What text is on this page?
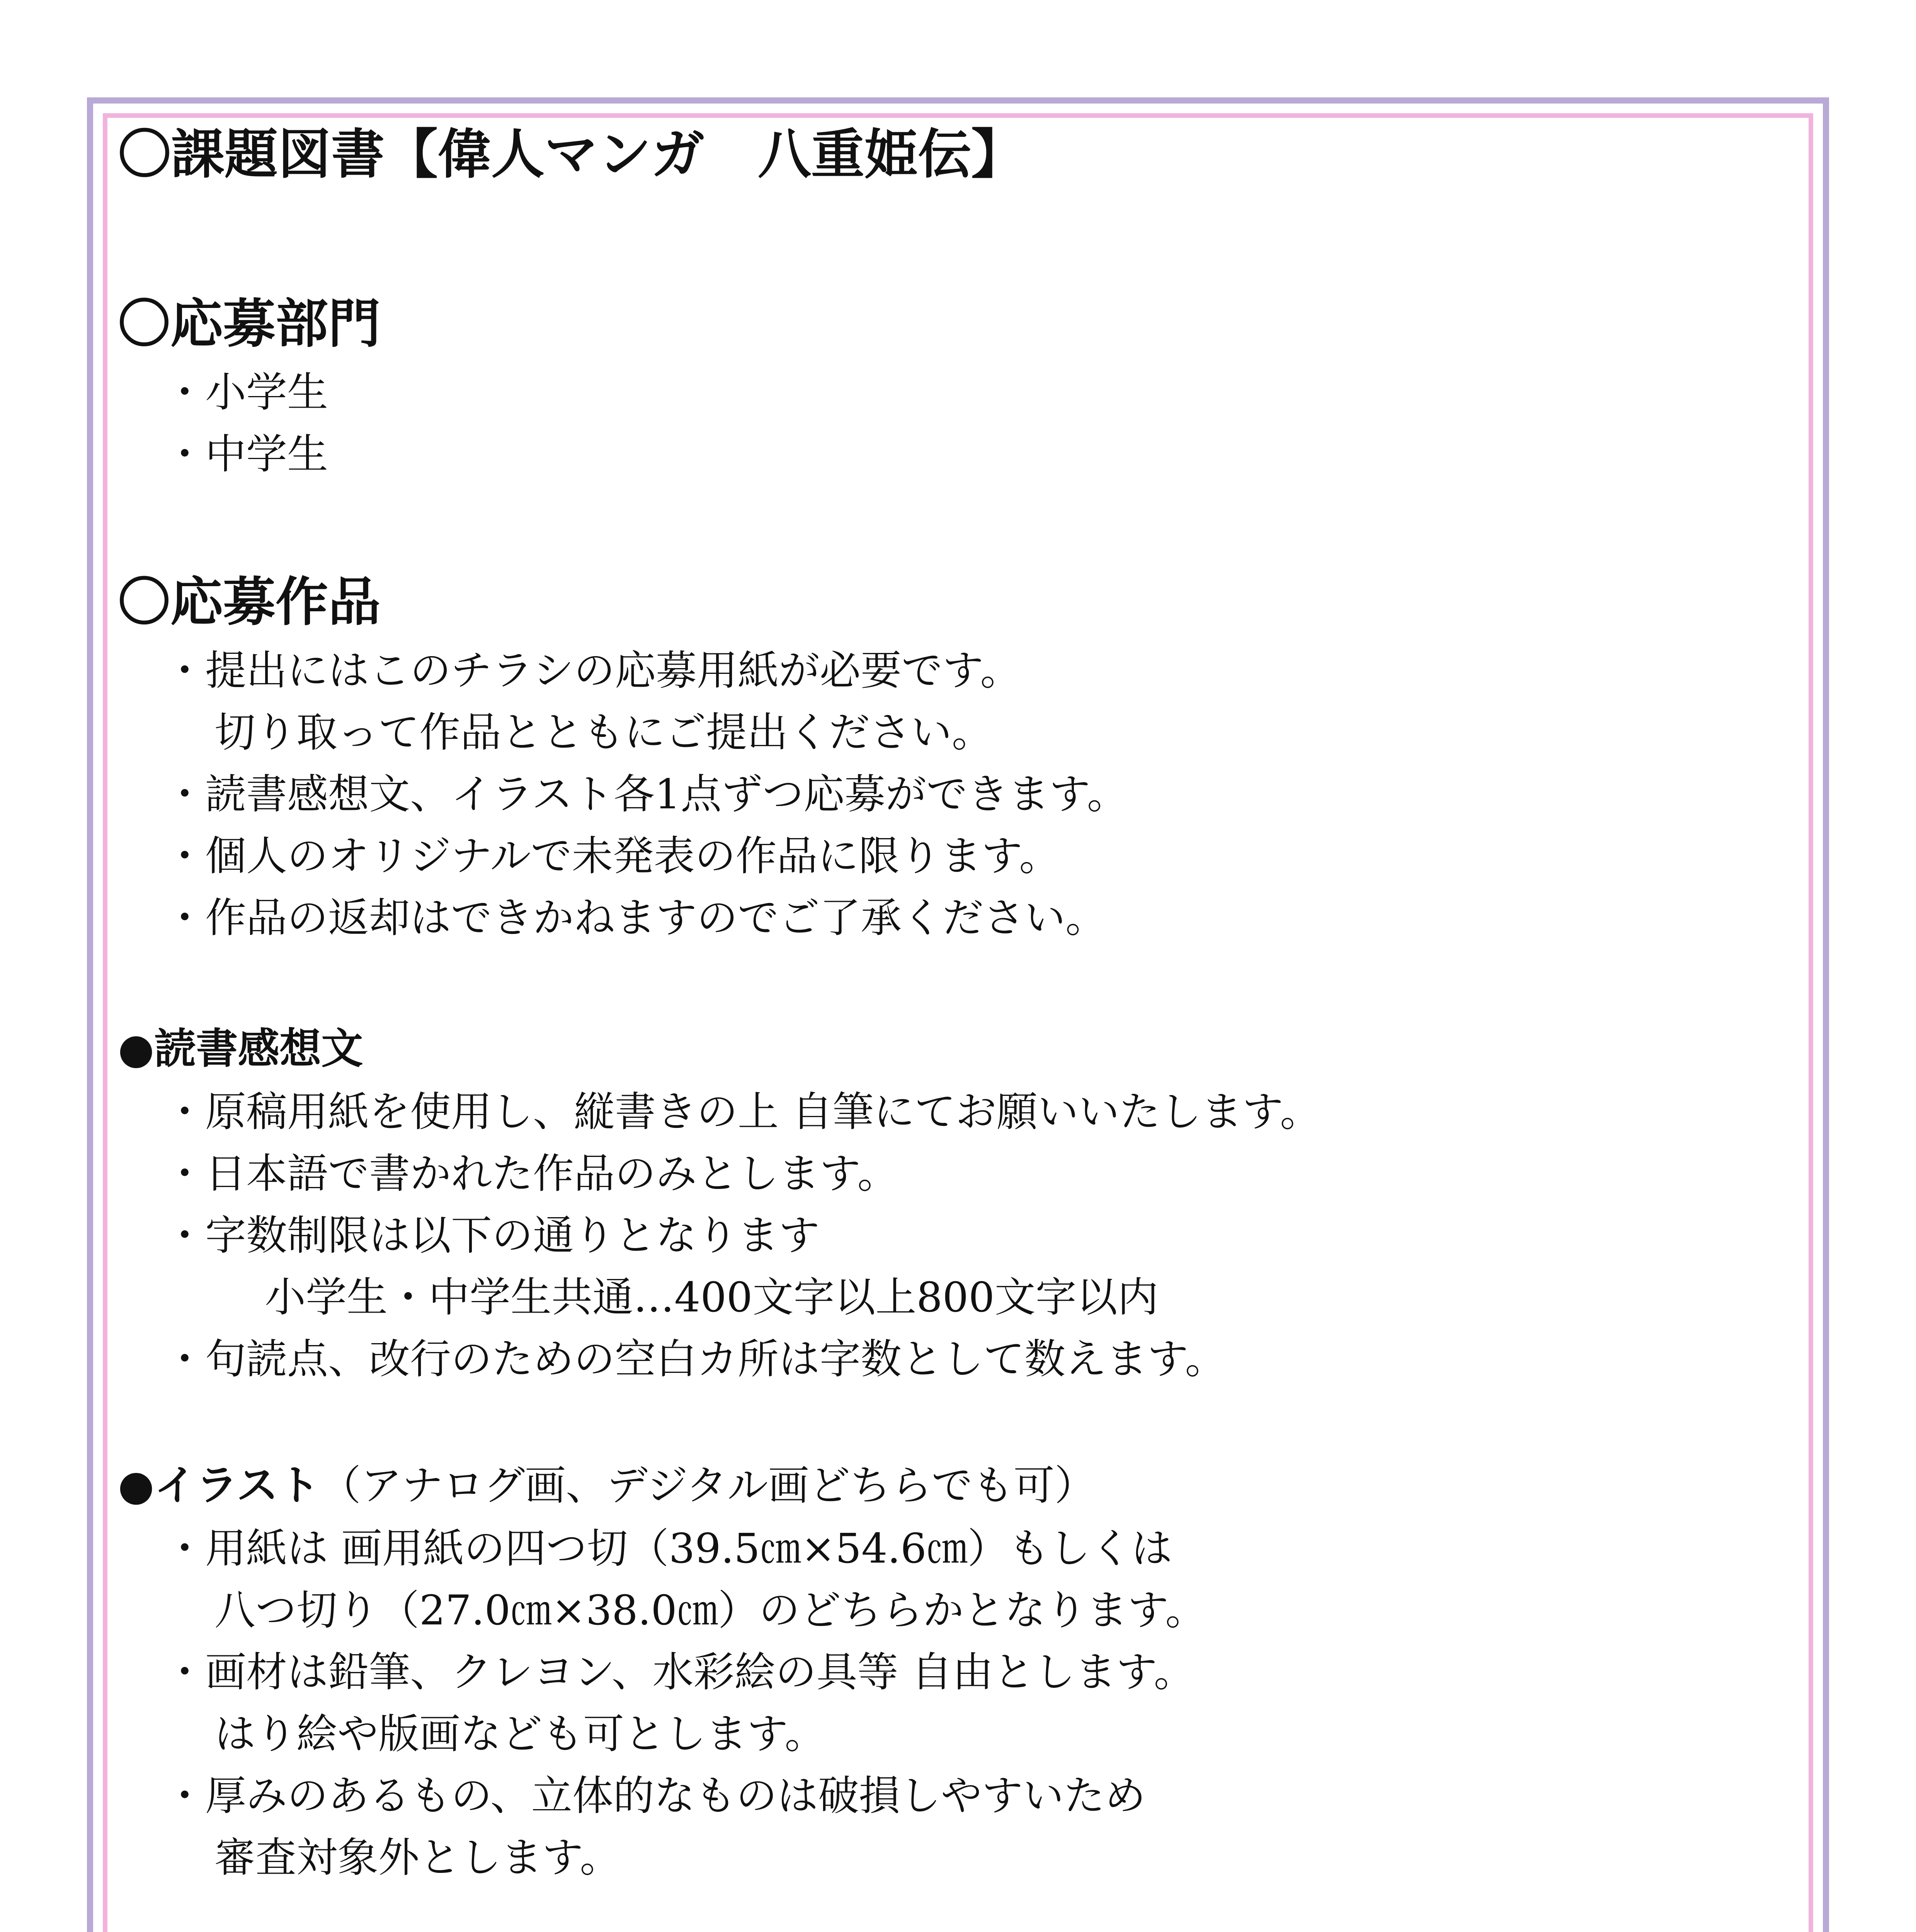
〇課題図書【偉人マンガ　八重姫伝】

〇応募部門

・小学生

・中学生

〇応募作品

・提出にはこのチラシの応募用紙が必要です。

切り取って作品とともにご提出ください。

・読書感想文、イラスト各1点ずつ応募ができます。

・個人のオリジナルで未発表の作品に限ります。

・作品の返却はできかねますのでご了承ください。

●読書感想文

・原稿用紙を使用し、縦書きの上 自筆にてお願いいたします。

・日本語で書かれた作品のみとします。

・字数制限は以下の通りとなります

小学生・中学生共通…400文字以上800文字以内

・句読点、改行のための空白カ所は字数として数えます。

●イラスト（アナログ画、デジタル画どちらでも可）

・用紙は 画用紙の四つ切（39.5㎝×54.6㎝）もしくは

八つ切り（27.0㎝×38.0㎝）のどちらかとなります。

・画材は鉛筆、クレヨン、水彩絵の具等 自由とします。

はり絵や版画なども可とします。

・厚みのあるもの、立体的なものは破損しやすいため

審査対象外とします。
